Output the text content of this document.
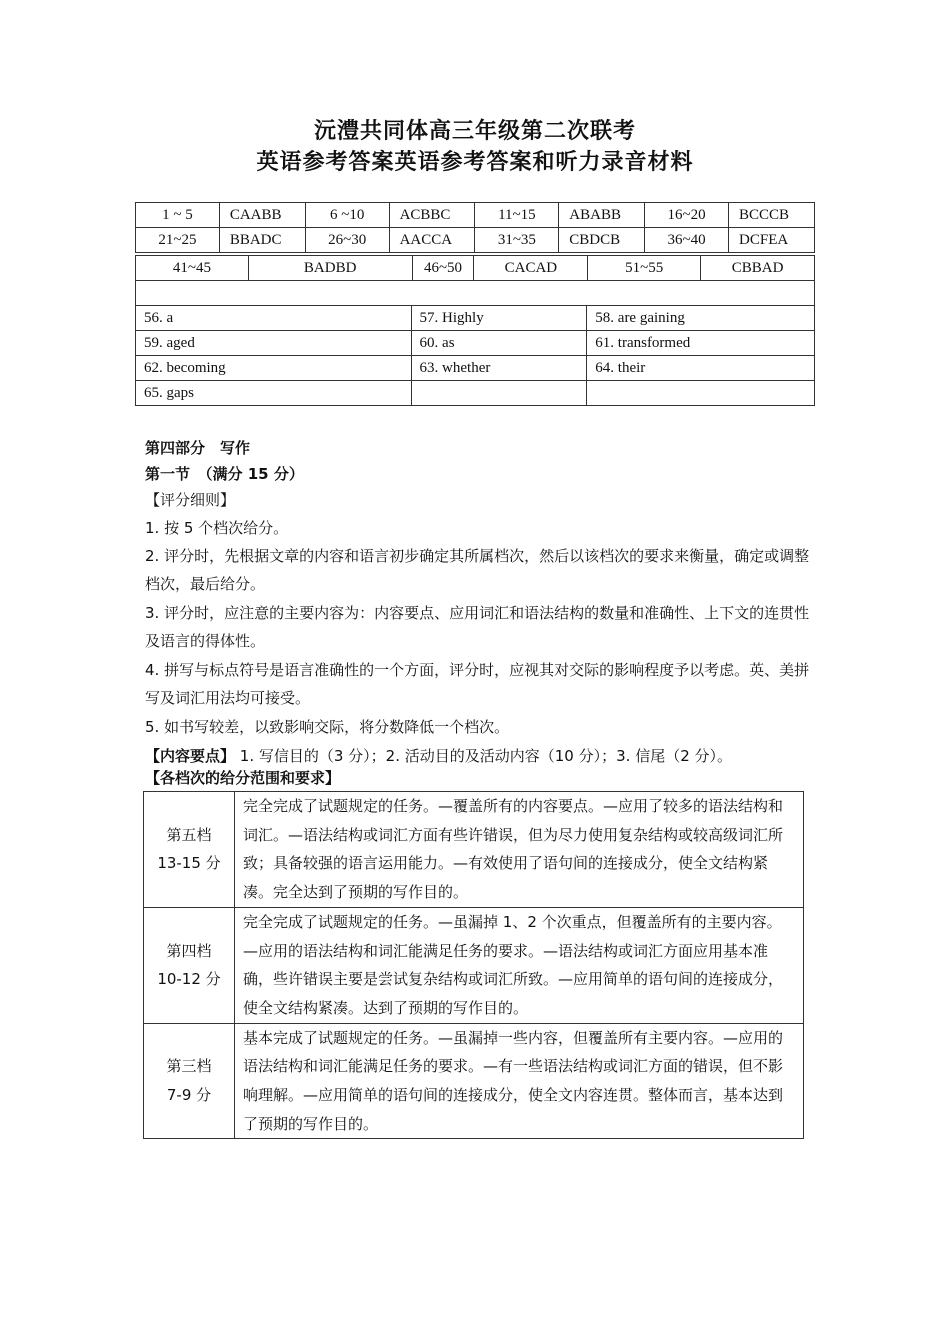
沅澧共同体高三年级第二次联考
英语参考答案英语参考答案和听力录音材料
1 ~ 5	CAABB	6 ~10	ACBBC	11~15	ABABB	16~20	BCCCB
21~25	BBADC	26~30	AACCA	31~35	CBDCB	36~40	DCFEA
41~45	BADBD	46~50	CACAD	51~55	CBBAD

56. a	57. Highly	58. are gaining
59. aged	60. as	61. transformed
62. becoming	63. whether	64. their
65. gaps		
第四部分　写作
第一节　（满分 15 分）
【评分细则】
1. 按 5 个档次给分。
2. 评分时，先根据文章的内容和语言初步确定其所属档次，然后以该档次的要求来衡量，确定或调整档次，最后给分。
3. 评分时，应注意的主要内容为：内容要点、应用词汇和语法结构的数量和准确性、上下文的连贯性及语言的得体性。
4. 拼写与标点符号是语言准确性的一个方面，评分时，应视其对交际的影响程度予以考虑。英、美拼写及词汇用法均可接受。
5. 如书写较差，以致影响交际，将分数降低一个档次。
【内容要点】 1. 写信目的（3 分）；2. 活动目的及活动内容（10 分）；3. 信尾（2 分）。
【各档次的给分范围和要求】
第五档
13-15 分	完全完成了试题规定的任务。—覆盖所有的内容要点。—应用了较多的语法结构和词汇。—语法结构或词汇方面有些许错误，但为尽力使用复杂结构或较高级词汇所致；具备较强的语言运用能力。—有效使用了语句间的连接成分，使全文结构紧凑。完全达到了预期的写作目的。

第四档
10-12 分	完全完成了试题规定的任务。—虽漏掉 1、2 个次重点，但覆盖所有的主要内容。—应用的语法结构和词汇能满足任务的要求。—语法结构或词汇方面应用基本准确，些许错误主要是尝试复杂结构或词汇所致。—应用简单的语句间的连接成分，使全文结构紧凑。达到了预期的写作目的。

第三档
7-9 分	基本完成了试题规定的任务。—虽漏掉一些内容，但覆盖所有主要内容。—应用的语法结构和词汇能满足任务的要求。—有一些语法结构或词汇方面的错误，但不影响理解。—应用简单的语句间的连接成分，使全文内容连贯。整体而言，基本达到了预期的写作目的。
